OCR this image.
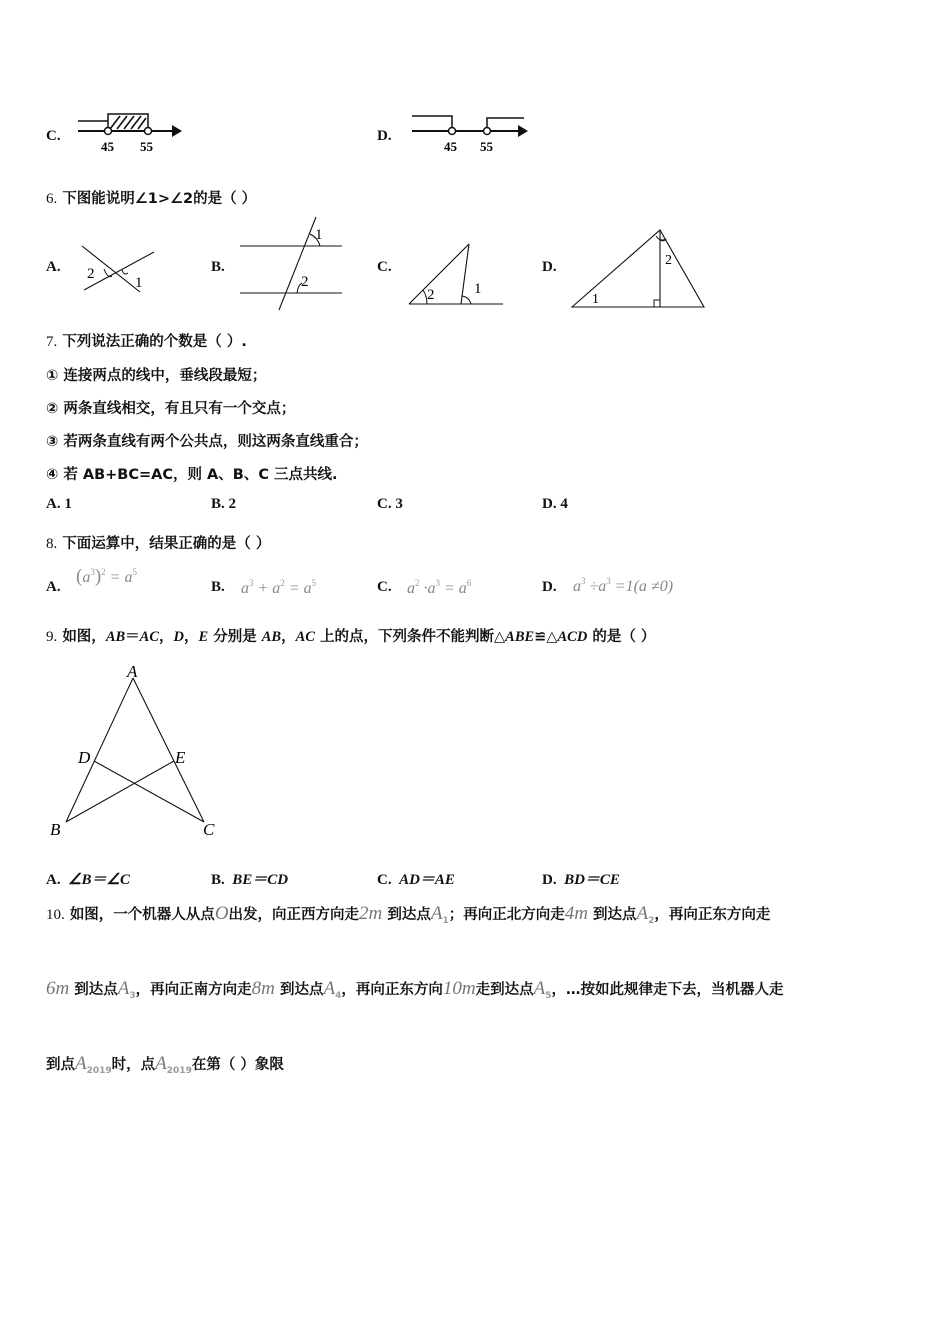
C.
45 55
D.
45 55
6. 下图能说明∠1>∠2的是（ ）
A. 2
1
B.
1
2
C.
2	1
D.
1
2
7. 下列说法正确的个数是（ ）.
① 连接两点的线中，垂线段最短；
② 两条直线相交，有且只有一个交点；
③ 若两条直线有两个公共点，则这两条直线重合；
④ 若 AB+BC=AC，则 A、B、C 三点共线.
A. 1	B. 2	C. 3	D. 4
8. 下面运算中，结果正确的是（ ）
A. $(a^3)^2 = a^5$
B. $a^3 + a^2 = a^5$	C. $a^2 \cdot a^3 = a^6$	D. $a^3 \div a^3 =1(a \ne 0)$
9. 如图，AB＝AC，D，E 分别是 AB，AC 上的点，下列条件不能判断△ABE≌△ACD 的是（ ）
A
D	E
B	C
A. ∠B＝∠C	B. BE＝CD	C. AD＝AE	D. BD＝CE
10. 如图，一个机器人从点O出发，向正西方向走2m 到达点$A_1$；再向正北方向走4m 到达点$A_2$，再向正东方向走
6m 到达点$A_3$，再向正南方向走8m 到达点$A_4$，再向正东方向10m走到达点$A_5$，…按如此规律走下去，当机器人走
到点$A_{2019}$时，点$A_{2019}$在第（ ）象限
